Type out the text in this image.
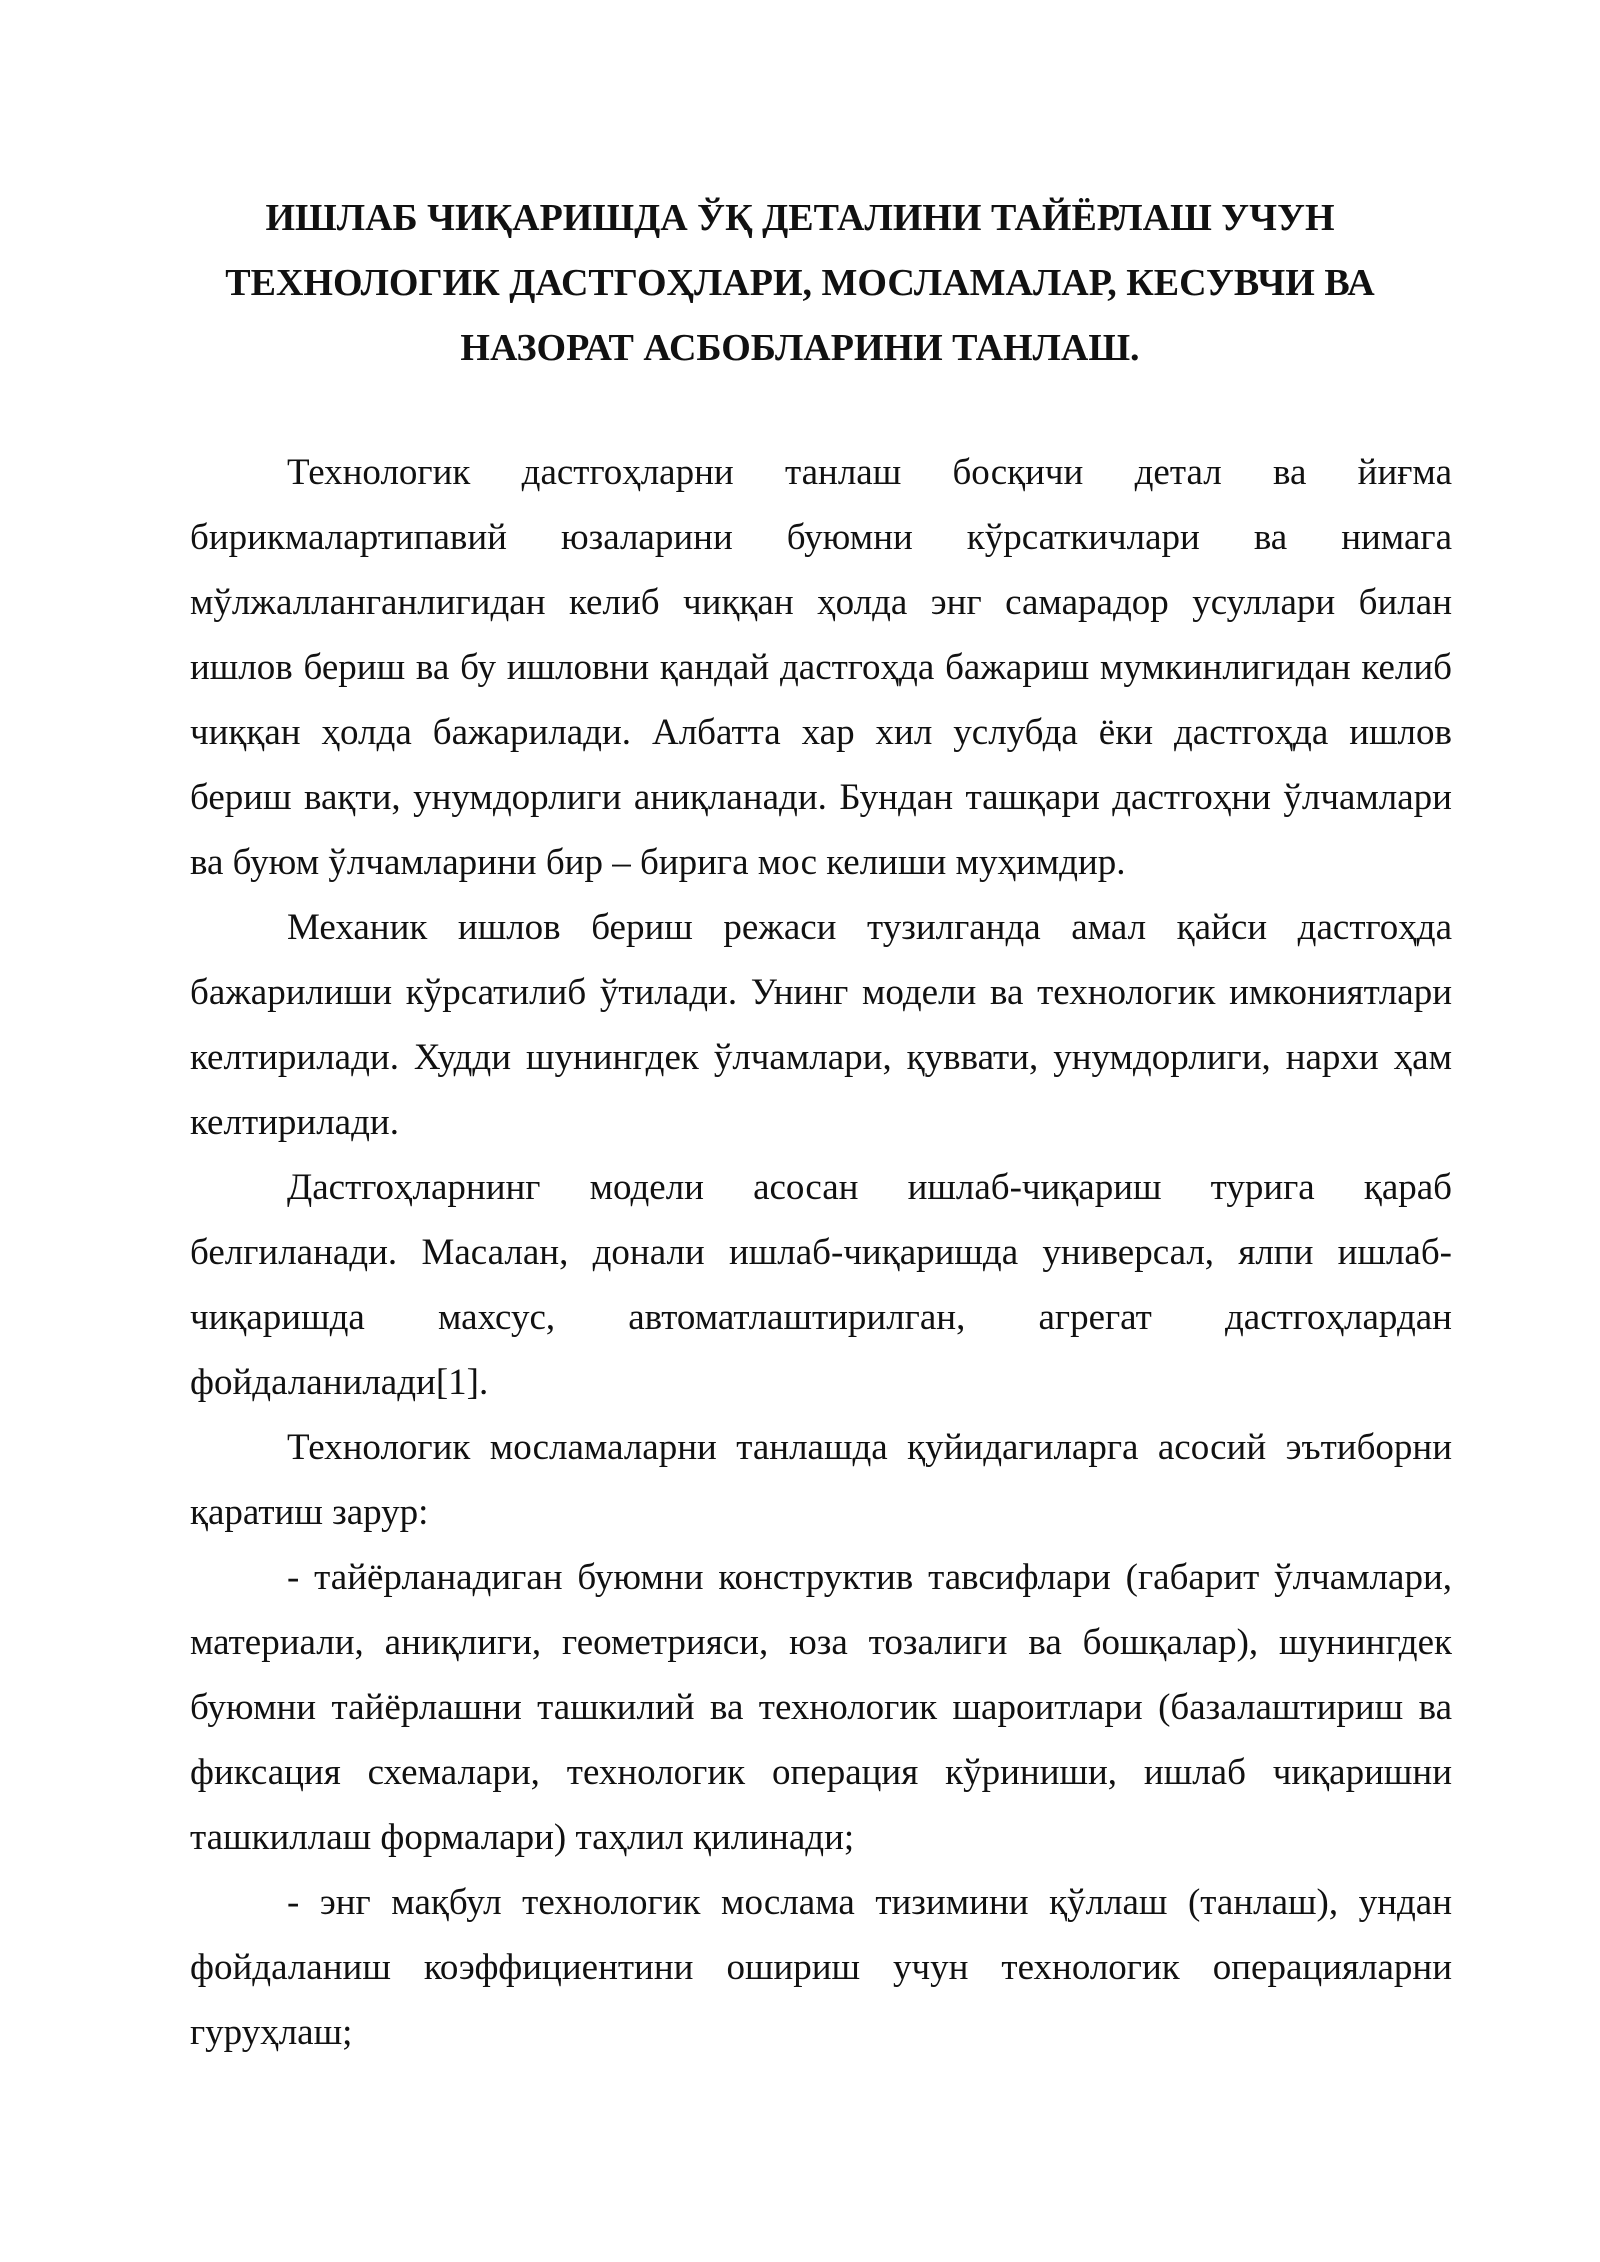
ИШЛАБ ЧИҚАРИШДА ЎҚ ДЕТАЛИНИ ТАЙЁРЛАШ УЧУН
ТЕХНОЛОГИК ДАСТГОҲЛАРИ, МОСЛАМАЛАР, КЕСУВЧИ ВА
НАЗОРАТ АСБОБЛАРИНИ ТАНЛАШ.

Технологик дастгоҳларни танлаш босқичи детал ва йиғма бирикмалартипавий юзаларини буюмни кўрсаткичлари ва нимага мўлжалланганлигидан келиб чиққан ҳолда энг самарадор усуллари билан ишлов бериш ва бу ишловни қандай дастгоҳда бажариш мумкинлигидан келиб чиққан ҳолда бажарилади. Албатта хар хил услубда ёки дастгоҳда ишлов бериш вақти, унумдорлиги аниқланади. Бундан ташқари дастгоҳни ўлчамлари ва буюм ўлчамларини бир – бирига мос келиши муҳимдир.

Механик ишлов бериш режаси тузилганда амал қайси дастгоҳда бажарилиши кўрсатилиб ўтилади. Унинг модели ва технологик имкониятлари келтирилади. Худди шунингдек ўлчамлари, қуввати, унумдорлиги, нархи ҳам келтирилади.

Дастгоҳларнинг модели асосан ишлаб-чиқариш турига қараб белгиланади. Масалан, донали ишлаб-чиқаришда универсал, ялпи ишлаб-чиқаришда махсус, автоматлаштирилган, агрегат дастгоҳлардан фойдаланилади[1].

Технологик мосламаларни танлашда қуйидагиларга асосий эътиборни қаратиш зарур:

- тайёрланадиган буюмни конструктив тавсифлари (габарит ўлчамлари, материали, аниқлиги, геометрияси, юза тозалиги ва бошқалар), шунингдек буюмни тайёрлашни ташкилий ва технологик шароитлари (базалаштириш ва фиксация схемалари, технологик операция кўриниши, ишлаб чиқаришни ташкиллаш формалари) таҳлил қилинади;

- энг мақбул технологик мослама тизимини қўллаш (танлаш), ундан фойдаланиш коэффициентини ошириш учун технологик операцияларни гуруҳлаш;
